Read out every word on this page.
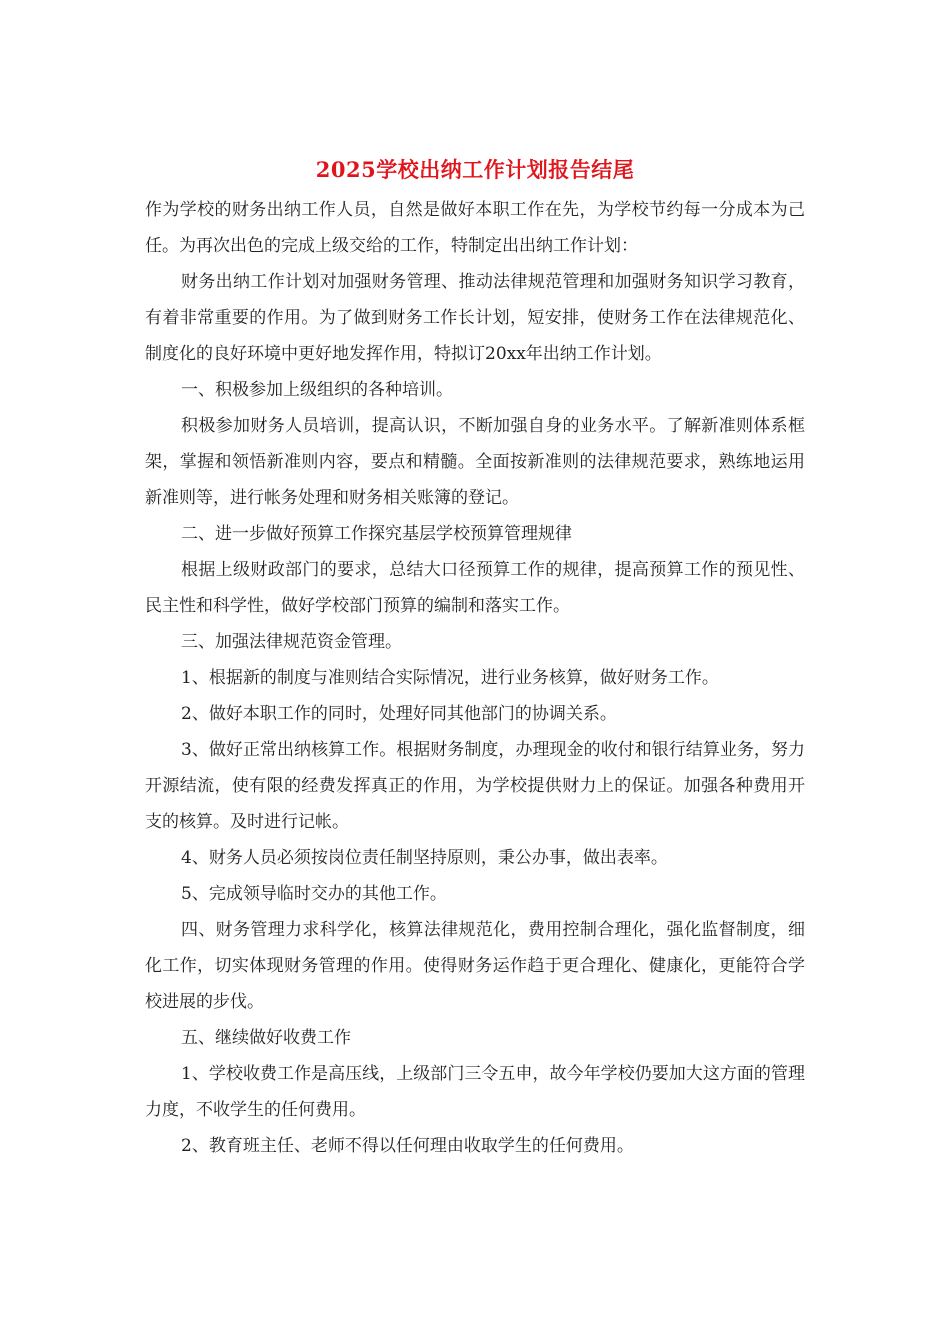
2025学校出纳工作计划报告结尾

作为学校的财务出纳工作人员，自然是做好本职工作在先，为学校节约每一分成本为己任。为再次出色的完成上级交给的工作，特制定出出纳工作计划：

财务出纳工作计划对加强财务管理、推动法律规范管理和加强财务知识学习教育，有着非常重要的作用。为了做到财务工作长计划，短安排，使财务工作在法律规范化、制度化的良好环境中更好地发挥作用，特拟订20xx年出纳工作计划。

一、积极参加上级组织的各种培训。

积极参加财务人员培训，提高认识，不断加强自身的业务水平。了解新准则体系框架，掌握和领悟新准则内容，要点和精髓。全面按新准则的法律规范要求，熟练地运用新准则等，进行帐务处理和财务相关账簿的登记。

二、进一步做好预算工作探究基层学校预算管理规律

根据上级财政部门的要求，总结大口径预算工作的规律，提高预算工作的预见性、民主性和科学性，做好学校部门预算的编制和落实工作。

三、加强法律规范资金管理。

1、根据新的制度与准则结合实际情况，进行业务核算，做好财务工作。

2、做好本职工作的同时，处理好同其他部门的协调关系。

3、做好正常出纳核算工作。根据财务制度，办理现金的收付和银行结算业务，努力开源结流，使有限的经费发挥真正的作用，为学校提供财力上的保证。加强各种费用开支的核算。及时进行记帐。

4、财务人员必须按岗位责任制坚持原则，秉公办事，做出表率。

5、完成领导临时交办的其他工作。

四、财务管理力求科学化，核算法律规范化，费用控制合理化，强化监督制度，细化工作，切实体现财务管理的作用。使得财务运作趋于更合理化、健康化，更能符合学校进展的步伐。

五、继续做好收费工作

1、学校收费工作是高压线，上级部门三令五申，故今年学校仍要加大这方面的管理力度，不收学生的任何费用。

2、教育班主任、老师不得以任何理由收取学生的任何费用。
